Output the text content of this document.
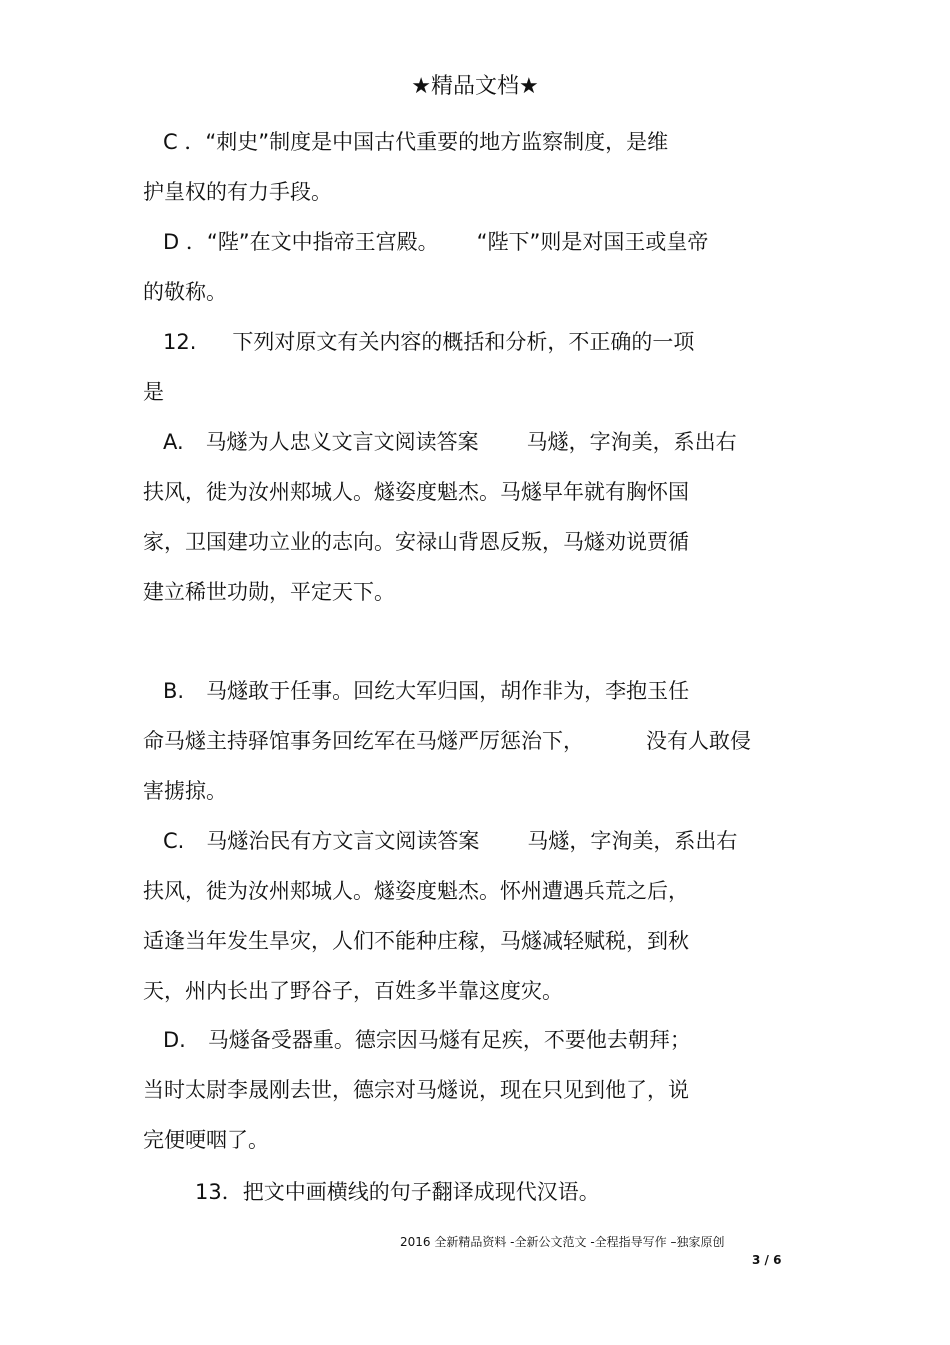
★精品文档★
C ．“刺史”制度是中国古代重要的地方监察制度，是维
护皇权的有力手段。
D ．“陛”在文中指帝王宫殿。 “陛下”则是对国王或皇帝
的敬称。
12. 下列对原文有关内容的概括和分析，不正确的一项
是
A. 马燧为人忠义文言文阅读答案 马燧，字洵美，系出右
扶风，徙为汝州郏城人。燧姿度魁杰。马燧早年就有胸怀国
家，卫国建功立业的志向。安禄山背恩反叛，马燧劝说贾循
建立稀世功勋，平定天下。
B. 马燧敢于任事。回纥大军归国，胡作非为，李抱玉任
命马燧主持驿馆事务回纥军在马燧严厉惩治下，	没有人敢侵
害掳掠。
C. 马燧治民有方文言文阅读答案 马燧，字洵美，系出右
扶风，徙为汝州郏城人。燧姿度魁杰。怀州遭遇兵荒之后，
适逢当年发生旱灾，人们不能种庄稼，马燧减轻赋税，到秋
天，州内长出了野谷子，百姓多半靠这度灾。
D. 马燧备受器重。德宗因马燧有足疾，不要他去朝拜；
当时太尉李晟刚去世，德宗对马燧说，现在只见到他了，说
完便哽咽了。
13．把文中画横线的句子翻译成现代汉语。
2016 全新精品资料 -全新公文范文 -全程指导写作 –独家原创
3 / 6
